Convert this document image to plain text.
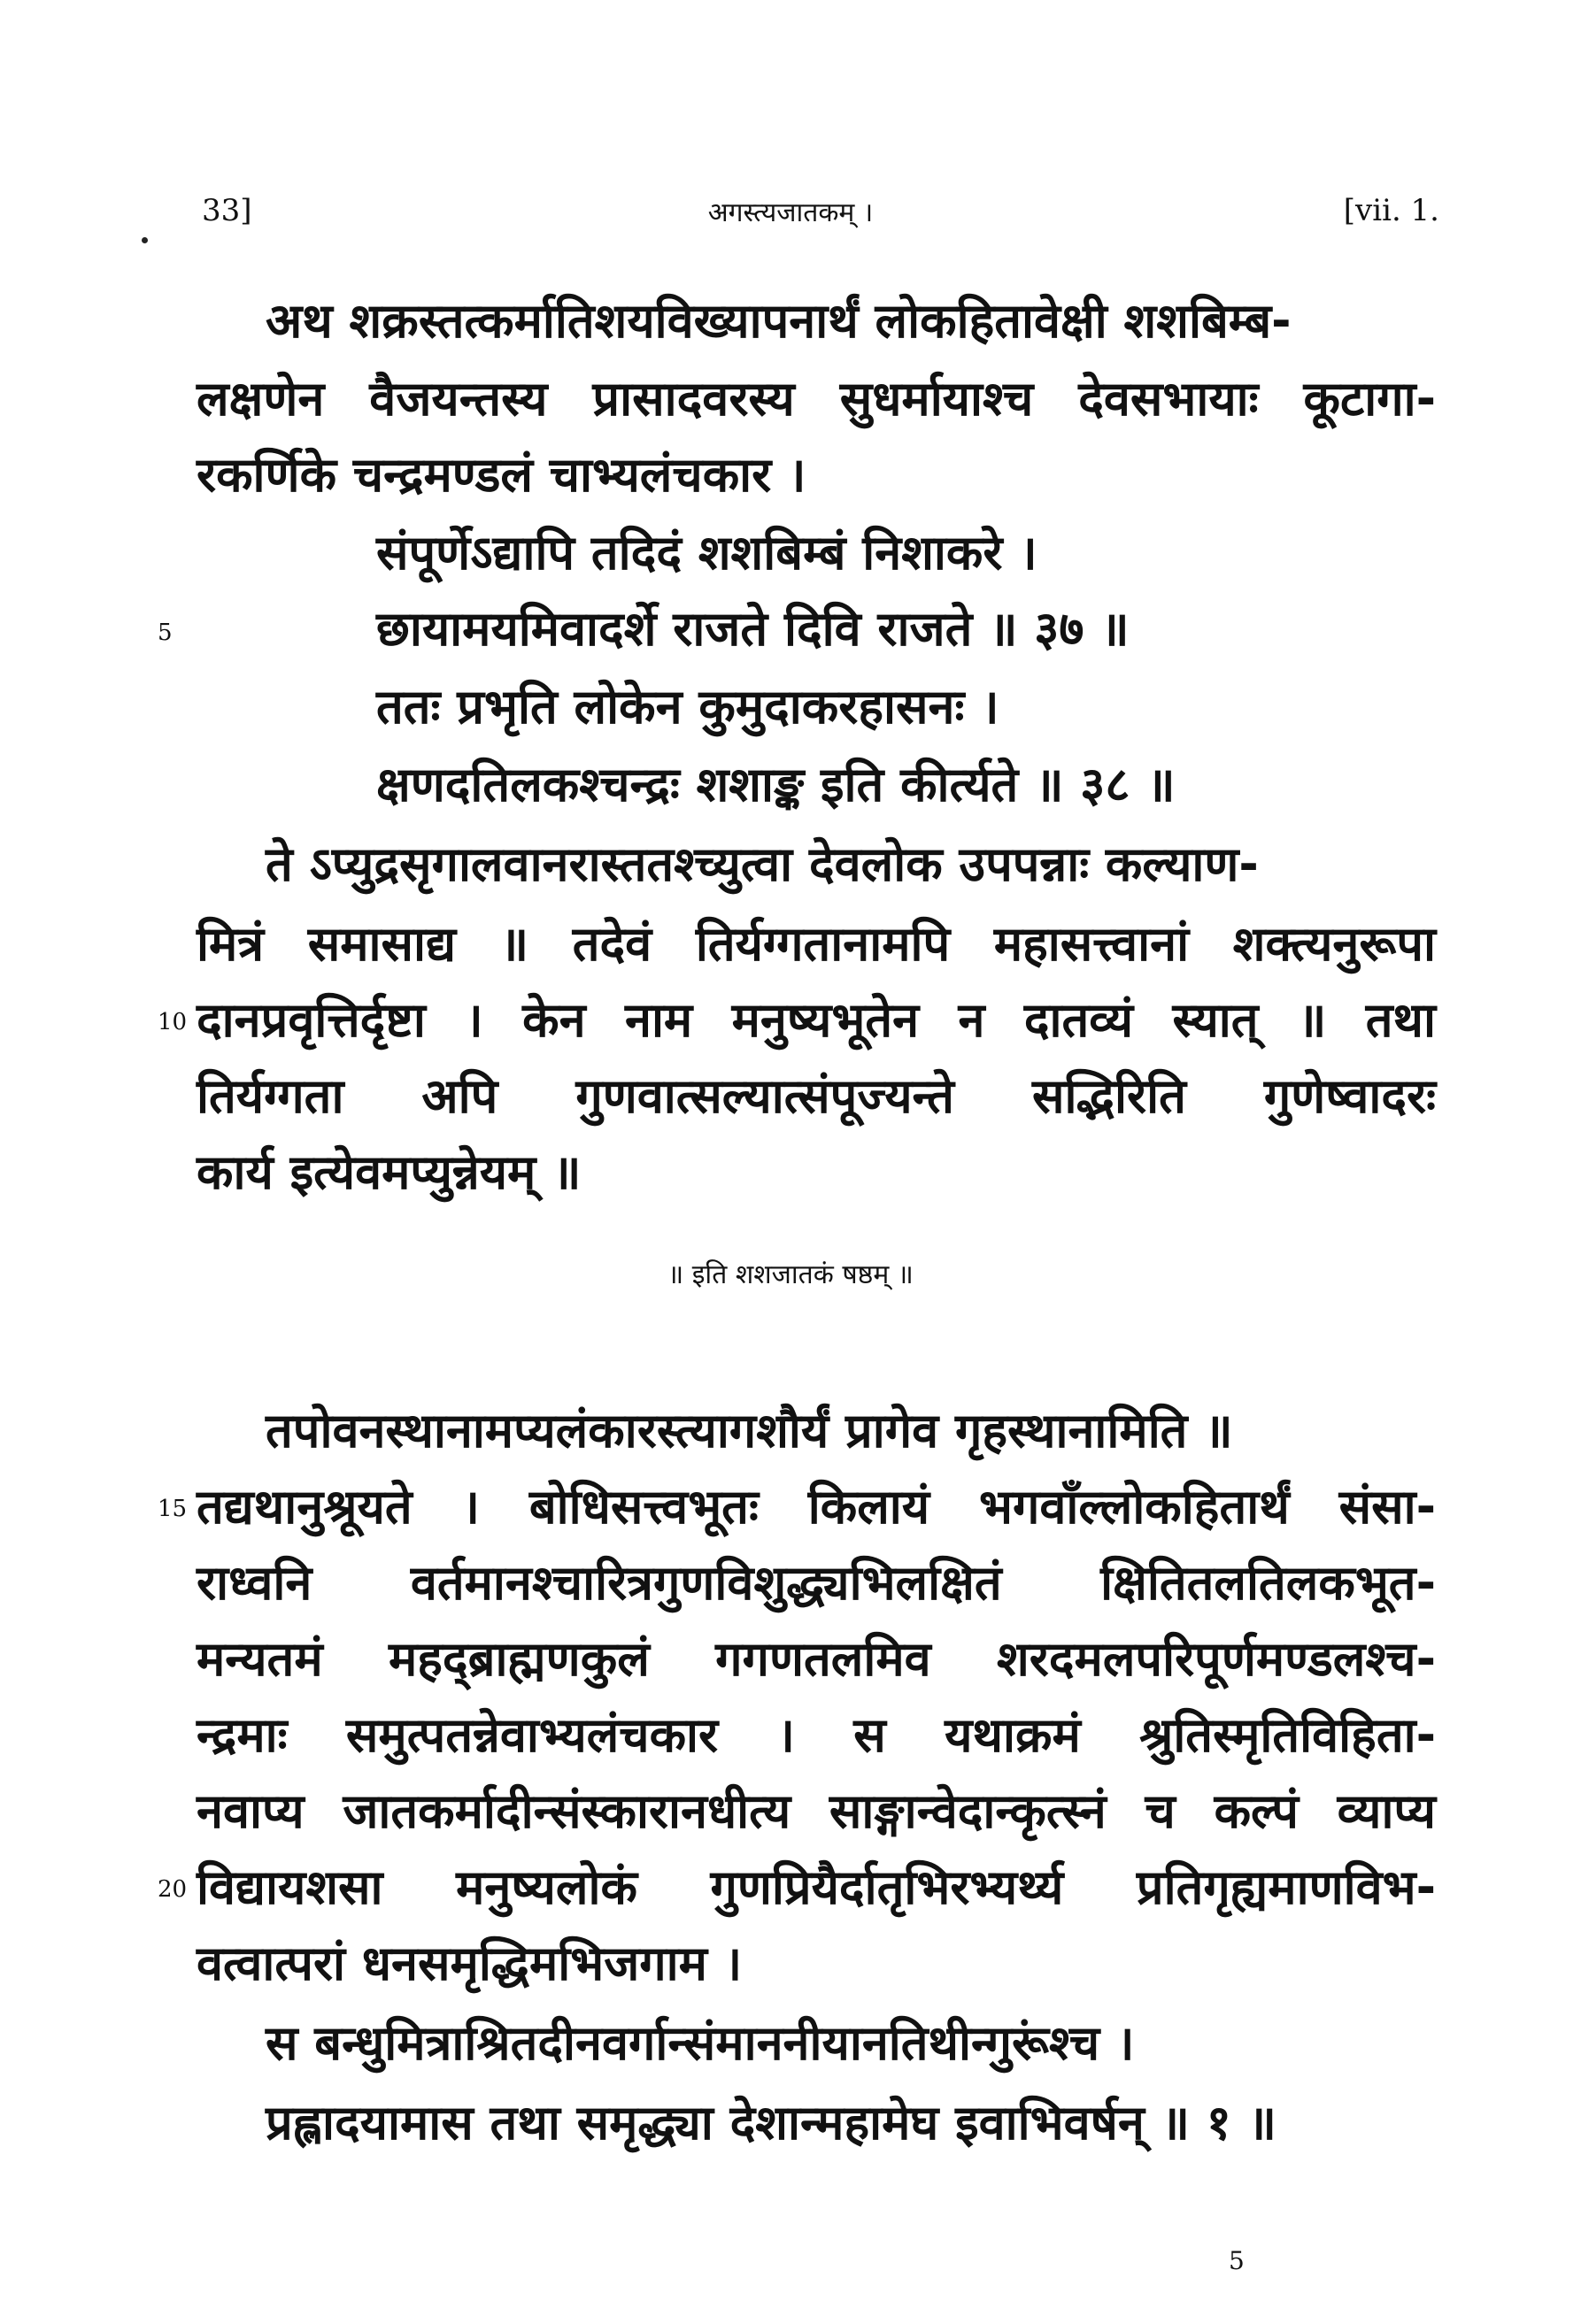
33]	अगस्त्यजातकम् ।	[vii. 1.
अथ शक्रस्तत्कर्मातिशयविख्यापनार्थं लोकहितावेक्षी शशबिम्ब-
लक्षणेन वैजयन्तस्य प्रासादवरस्य सुधर्मायाश्च देवसभायाः कूटागा-
रकर्णिके चन्द्रमण्डलं चाभ्यलंचकार ।
संपूर्णेऽद्यापि तदिदं शशबिम्बं निशाकरे ।
5	छायामयमिवादर्शे राजते दिवि राजते ॥ ३७ ॥
ततः प्रभृति लोकेन कुमुदाकरहासनः ।
क्षणदतिलकश्चन्द्रः शशाङ्क इति कीर्त्यते ॥ ३८ ॥
ते ऽप्युद्रसृगालवानरास्ततश्च्युत्वा देवलोक उपपन्नाः कल्याण-
मित्रं समासाद्य ॥ तदेवं तिर्यग्गतानामपि महासत्त्वानां शक्त्यनुरूपा
10 दानप्रवृत्तिर्दृष्टा । केन नाम मनुष्यभूतेन न दातव्यं स्यात् ॥ तथा
तिर्यग्गता अपि गुणवात्सल्यात्संपूज्यन्ते सद्भिरिति गुणेष्वादरः
कार्य इत्येवमप्युन्नेयम् ॥
॥ इति शशजातकं षष्ठम् ॥
तपोवनस्थानामप्यलंकारस्त्यागशौर्यं प्रागेव गृहस्थानामिति ॥
15 तद्यथानुश्रूयते । बोधिसत्त्वभूतः किलायं भगवाँल्लोकहितार्थं संसा-
राध्वनि वर्तमानश्चारित्रगुणविशुद्ध्यभिलक्षितं क्षितितलतिलकभूत-
मन्यतमं महद्ब्राह्मणकुलं गगणतलमिव शरदमलपरिपूर्णमण्डलश्च-
न्द्रमाः समुत्पतन्नेवाभ्यलंचकार । स यथाक्रमं श्रुतिस्मृतिविहिता-
नवाप्य जातकर्मादीन्संस्कारानधीत्य साङ्गान्वेदान्कृत्स्नं च कल्पं व्याप्य
20 विद्यायशसा मनुष्यलोकं गुणप्रियैर्दातृभिरभ्यर्थ्य प्रतिगृह्यमाणविभ-
वत्वात्परां धनसमृद्धिमभिजगाम ।
स बन्धुमित्राश्रितदीनवर्गान्संमाननीयानतिथीन्गुरूंश्च ।
प्रह्लादयामास तथा समृद्ध्या देशान्महामेघ इवाभिवर्षन् ॥ १ ॥
5
